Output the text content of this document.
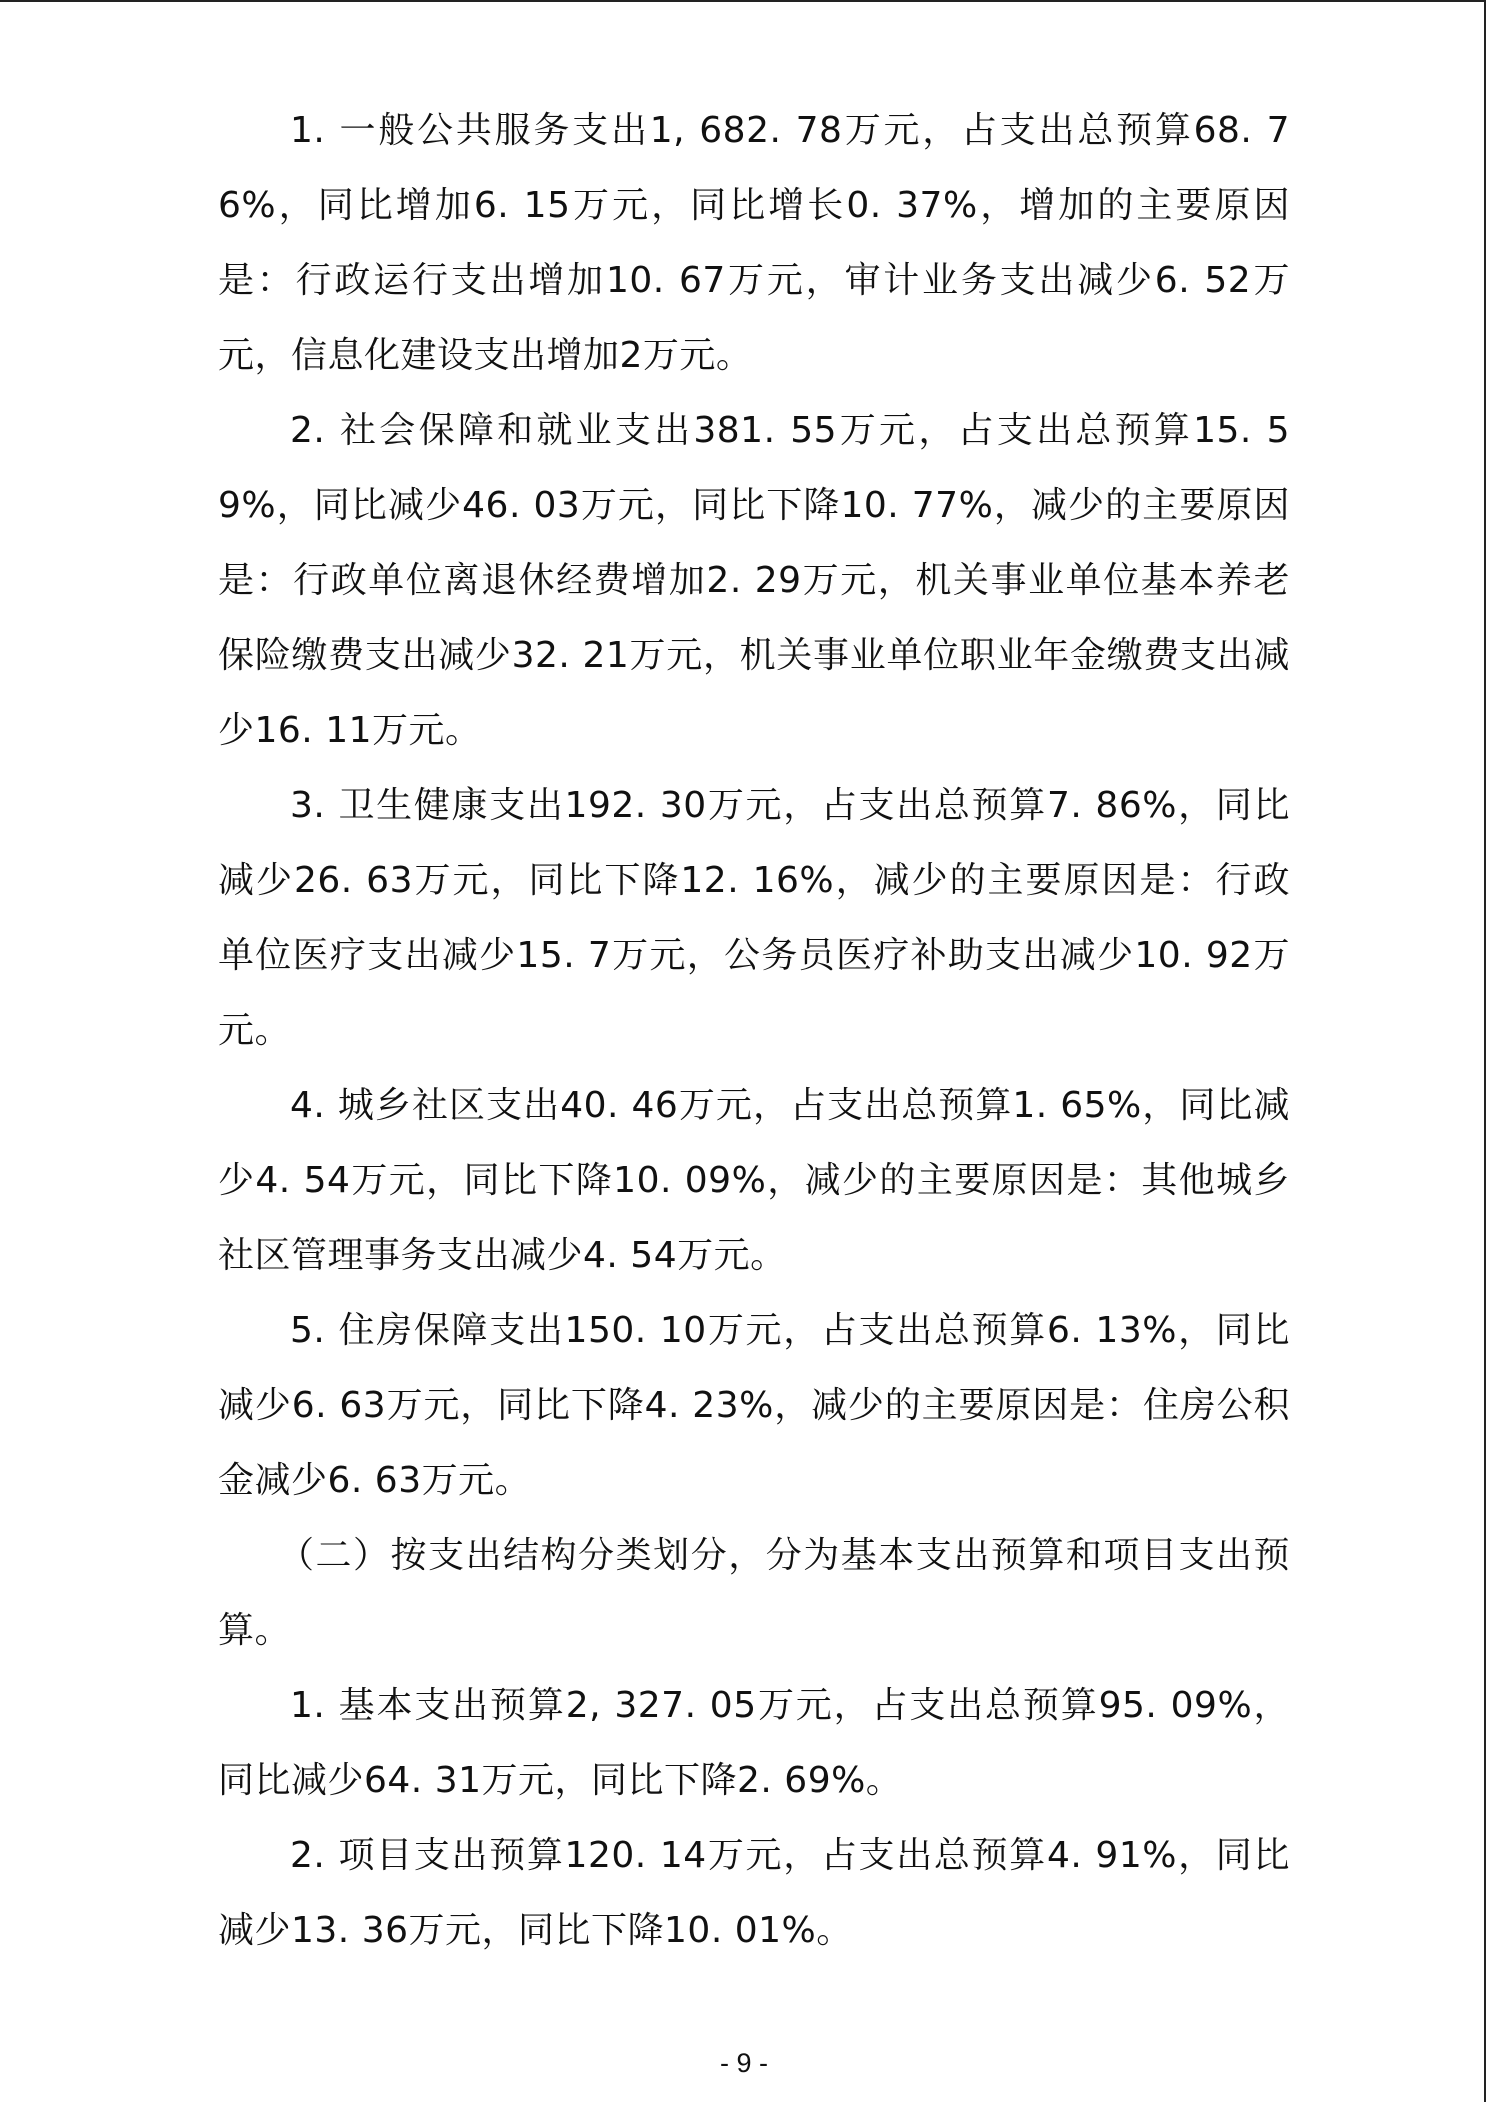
1. 一般公共服务支出1, 682. 78万元，占支出总预算68. 76%，同比增加6. 15万元，同比增长0. 37%，增加的主要原因是：行政运行支出增加10. 67万元，审计业务支出减少6. 52万元，信息化建设支出增加2万元。

2. 社会保障和就业支出381. 55万元，占支出总预算15. 59%，同比减少46. 03万元，同比下降10. 77%，减少的主要原因是：行政单位离退休经费增加2. 29万元，机关事业单位基本养老保险缴费支出减少32. 21万元，机关事业单位职业年金缴费支出减少16. 11万元。

3. 卫生健康支出192. 30万元，占支出总预算7. 86%，同比减少26. 63万元，同比下降12. 16%，减少的主要原因是：行政单位医疗支出减少15. 7万元，公务员医疗补助支出减少10. 92万元。

4. 城乡社区支出40. 46万元，占支出总预算1. 65%，同比减少4. 54万元，同比下降10. 09%，减少的主要原因是：其他城乡社区管理事务支出减少4. 54万元。

5. 住房保障支出150. 10万元，占支出总预算6. 13%，同比减少6. 63万元，同比下降4. 23%，减少的主要原因是：住房公积金减少6. 63万元。

（二）按支出结构分类划分，分为基本支出预算和项目支出预算。

1. 基本支出预算2, 327. 05万元，占支出总预算95. 09%，同比减少64. 31万元，同比下降2. 69%。

2. 项目支出预算120. 14万元，占支出总预算4. 91%，同比减少13. 36万元，同比下降10. 01%。

- 9 -
